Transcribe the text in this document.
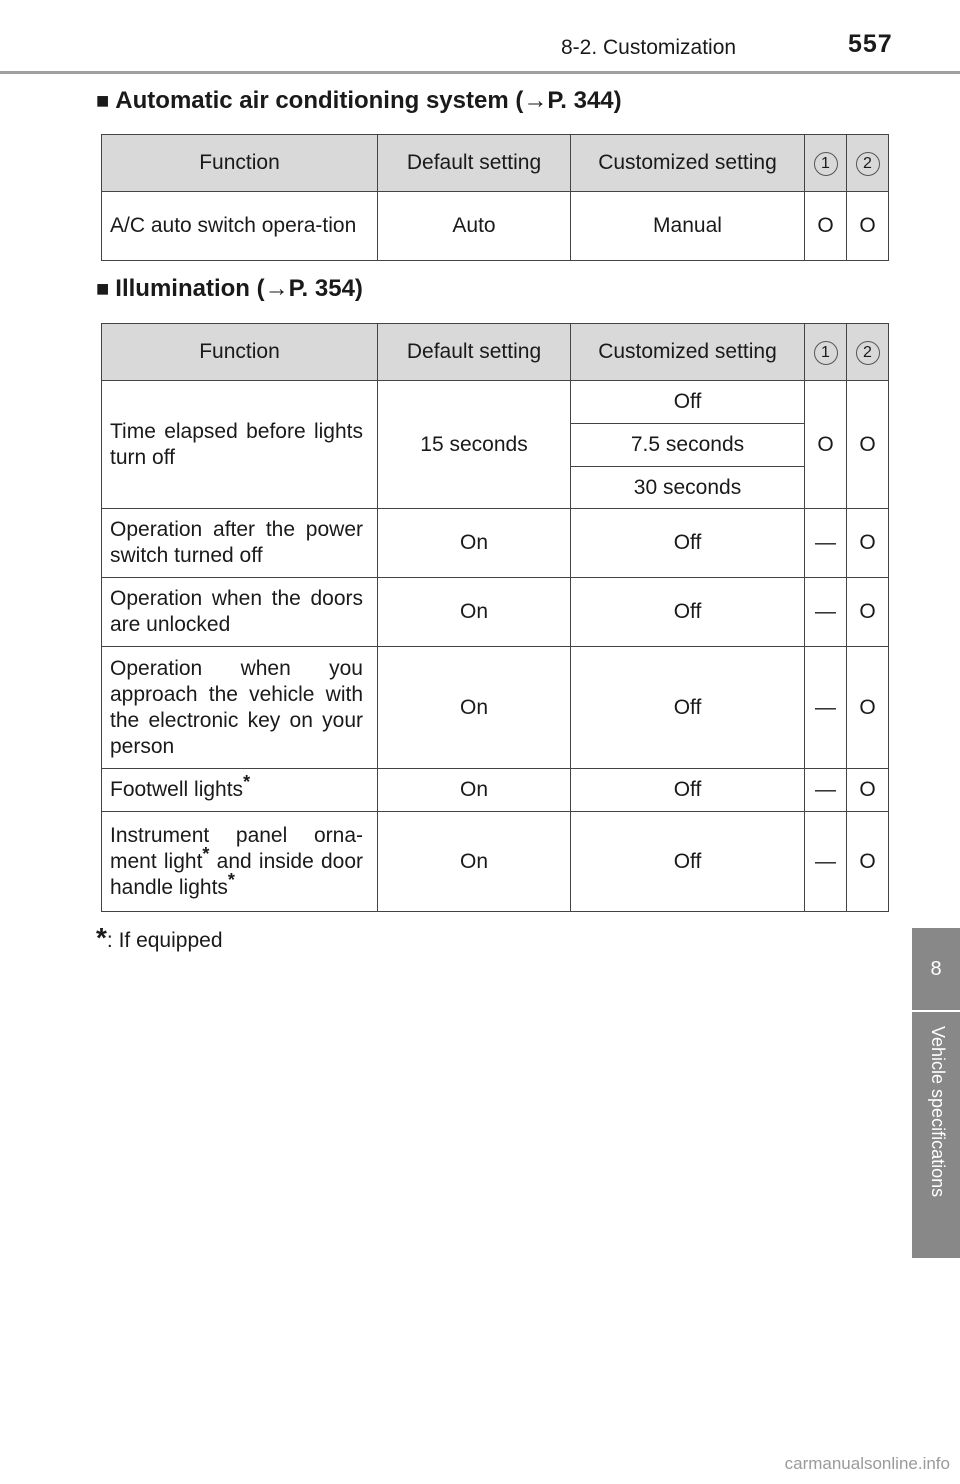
8-2. Customization	557
8
Vehicle specifications
■ Automatic air conditioning system (→P. 344)
Function	Default setting	Customized setting	1	2
A/C auto switch opera-tion	Auto	Manual	O	O
■ Illumination (→P. 354)
Function	Default setting	Customized setting	1	2
Time elapsed before lights turn off	15 seconds	Off	O	O
		7.5 seconds		
		30 seconds		
Operation after the power switch turned off	On	Off	—	O
Operation when the doors are unlocked	On	Off	—	O
Operation when you approach the vehicle with the electronic key on your person	On	Off	—	O
Footwell lights*	On	Off	—	O
Instrument panel orna-ment light* and inside door handle lights*	On	Off	—	O
*: If equipped
carmanualsonline.info
